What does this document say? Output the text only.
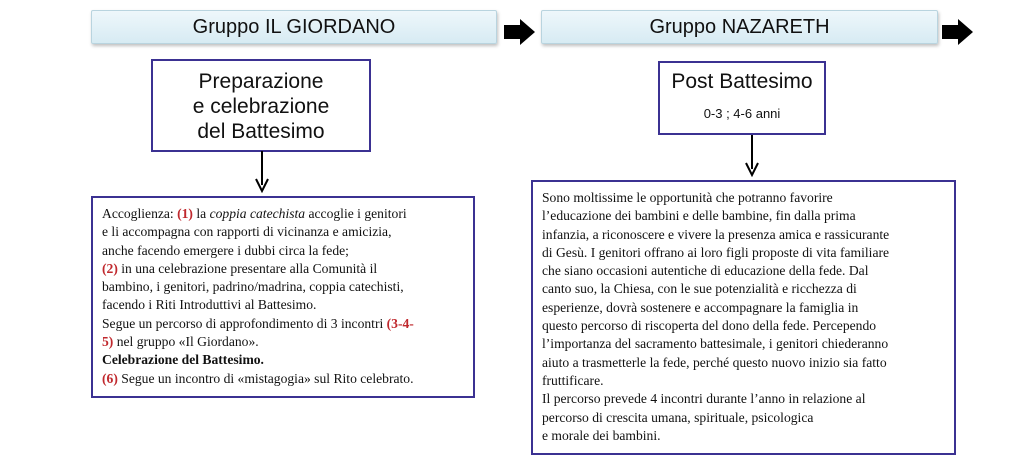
Gruppo IL GIORDANO	Gruppo NAZARETH
Preparazione
e celebrazione
del Battesimo
Post Battesimo
0-3 ; 4-6 anni
Accoglienza: (1) la coppia catechista accoglie i genitori
e li accompagna con rapporti di vicinanza e amicizia,
anche facendo emergere i dubbi circa la fede;
(2) in una celebrazione presentare alla Comunità il
bambino, i genitori, padrino/madrina, coppia catechisti,
facendo i Riti Introduttivi al Battesimo.
Segue un percorso di approfondimento di 3 incontri (3-4-
5) nel gruppo «Il Giordano».
Celebrazione del Battesimo.
(6) Segue un incontro di «mistagogia» sul Rito celebrato.
Sono moltissime le opportunità che potranno favorire
l’educazione dei bambini e delle bambine, fin dalla prima
infanzia, a riconoscere e vivere la presenza amica e rassicurante
di Gesù. I genitori offrano ai loro figli proposte di vita familiare
che siano occasioni autentiche di educazione della fede. Dal
canto suo, la Chiesa, con le sue potenzialità e ricchezza di
esperienze, dovrà sostenere e accompagnare la famiglia in
questo percorso di riscoperta del dono della fede. Percependo
l’importanza del sacramento battesimale, i genitori chiederanno
aiuto a trasmetterle la fede, perché questo nuovo inizio sia fatto
fruttificare.
Il percorso prevede 4 incontri durante l’anno in relazione al
percorso di crescita umana, spirituale, psicologica
e morale dei bambini.
